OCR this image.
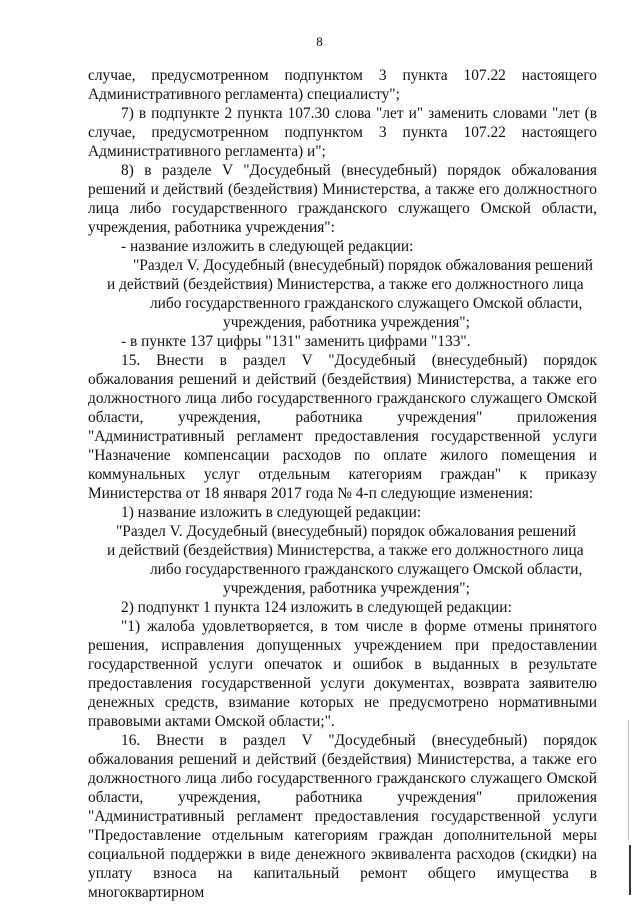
8
случае, предусмотренном подпунктом 3 пункта 107.22 настоящего
Административного регламента) специалисту";
7) в подпункте 2 пункта 107.30 слова "лет и" заменить словами "лет (в
случае, предусмотренном подпунктом 3 пункта 107.22 настоящего
Административного регламента) и";
8) в разделе V "Досудебный (внесудебный) порядок обжалования
решений и действий (бездействия) Министерства, а также его должностного
лица либо государственного гражданского служащего Омской области,
учреждения, работника учреждения":
- название изложить в следующей редакции:
"Раздел V. Досудебный (внесудебный) порядок обжалования решений
и действий (бездействия) Министерства, а также его должностного лица
либо государственного гражданского служащего Омской области,
учреждения, работника учреждения";
- в пункте 137 цифры "131" заменить цифрами "133".
15. Внести в раздел V "Досудебный (внесудебный) порядок
обжалования решений и действий (бездействия) Министерства, а также его
должностного лица либо государственного гражданского служащего Омской
области, учреждения, работника учреждения" приложения
"Административный регламент предоставления государственной услуги
"Назначение компенсации расходов по оплате жилого помещения и
коммунальных услуг отдельным категориям граждан" к приказу
Министерства от 18 января 2017 года № 4-п следующие изменения:
1) название изложить в следующей редакции:
"Раздел V. Досудебный (внесудебный) порядок обжалования решений
и действий (бездействия) Министерства, а также его должностного лица
либо государственного гражданского служащего Омской области,
учреждения, работника учреждения";
2) подпункт 1 пункта 124 изложить в следующей редакции:
"1) жалоба удовлетворяется, в том числе в форме отмены принятого
решения, исправления допущенных учреждением при предоставлении
государственной услуги опечаток и ошибок в выданных в результате
предоставления государственной услуги документах, возврата заявителю
денежных средств, взимание которых не предусмотрено нормативными
правовыми актами Омской области;".
16. Внести в раздел V "Досудебный (внесудебный) порядок
обжалования решений и действий (бездействия) Министерства, а также его
должностного лица либо государственного гражданского служащего Омской
области, учреждения, работника учреждения" приложения
"Административный регламент предоставления государственной услуги
"Предоставление отдельным категориям граждан дополнительной меры
социальной поддержки в виде денежного эквивалента расходов (скидки) на
уплату взноса на капитальный ремонт общего имущества в многоквартирном
